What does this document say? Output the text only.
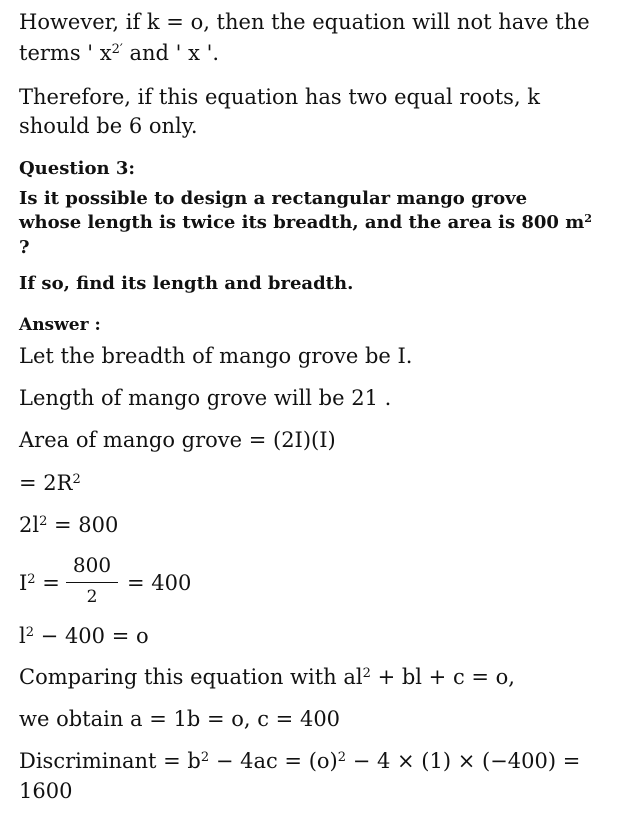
However, if k = o, then the equation will not have the
terms ' $x^{2'}$ and ' x '.
Therefore, if this equation has two equal roots, k
should be 6 only.
Question 3:
Is it possible to design a rectangular mango grove
whose length is twice its breadth, and the area is 800 $m^2$
?
If so, find its length and breadth.
Answer :
Let the breadth of mango grove be I.
Length of mango grove will be 21 .
Area of mango grove = (2I)(I)
= $2R^2$
$2l^2 = 800$
$I^2$ =
800
2
= 400
$l^2 - 400 = o$
Comparing this equation with $al^2$ + bl + c = o,
we obtain a = 1b = o, c = 400
Discriminant = $b^2 - 4ac = (o)^2 - 4 \times (1) \times (-400)$ =
1600
